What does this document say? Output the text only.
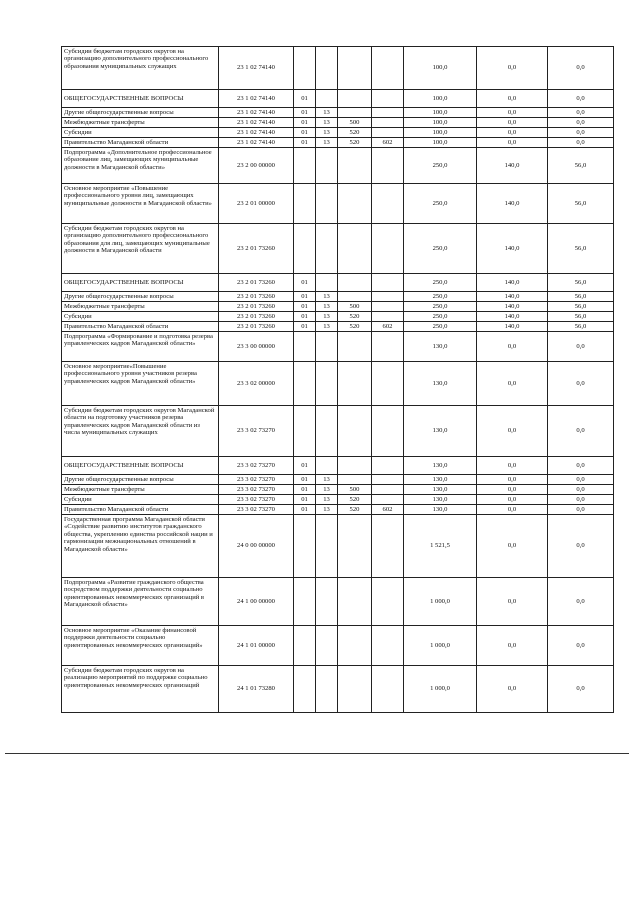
Субсидии бюджетам городских округов на организацию дополнительного профессионального образования муниципальных служащих	23 1 02 74140					100,0	0,0	0,0
ОБЩЕГОСУДАРСТВЕННЫЕ ВОПРОСЫ	23 1 02 74140	01				100,0	0,0	0,0
Другие общегосударственные вопросы	23 1 02 74140	01	13			100,0	0,0	0,0
Межбюджетные трансферты	23 1 02 74140	01	13	500		100,0	0,0	0,0
Субсидии	23 1 02 74140	01	13	520		100,0	0,0	0,0
Правительство Магаданской области	23 1 02 74140	01	13	520	602	100,0	0,0	0,0
Подпрограмма «Дополнительное профессиональное образование лиц, замещающих муниципальные должности в Магаданской области»	23 2 00 00000					250,0	140,0	56,0
Основное мероприятие «Повышение профессионального уровня лиц, замещающих муниципальные должности в Магаданской области»	23 2 01 00000					250,0	140,0	56,0
Субсидии бюджетам городских округов на организацию дополнительного профессионального образования для лиц, замещающих муниципальные должности в Магаданской области	23 2 01 73260					250,0	140,0	56,0
ОБЩЕГОСУДАРСТВЕННЫЕ ВОПРОСЫ	23 2 01 73260	01				250,0	140,0	56,0
Другие общегосударственные вопросы	23 2 01 73260	01	13			250,0	140,0	56,0
Межбюджетные трансферты	23 2 01 73260	01	13	500		250,0	140,0	56,0
Субсидии	23 2 01 73260	01	13	520		250,0	140,0	56,0
Правительство Магаданской области	23 2 01 73260	01	13	520	602	250,0	140,0	56,0
Подпрограмма «Формирование и подготовка резерва управленческих кадров Магаданской области»	23 3 00 00000					130,0	0,0	0,0
Основное мероприятие«Повышение профессионального уровня участников резерва управленческих кадров Магаданской области»	23 3 02 00000					130,0	0,0	0,0
Субсидии бюджетам городских округов Магаданской области на подготовку участников резерва управленческих кадров Магаданской области из числа муниципальных служащих	23 3 02 73270					130,0	0,0	0,0
ОБЩЕГОСУДАРСТВЕННЫЕ ВОПРОСЫ	23 3 02 73270	01				130,0	0,0	0,0
Другие общегосударственные вопросы	23 3 02 73270	01	13			130,0	0,0	0,0
Межбюджетные трансферты	23 3 02 73270	01	13	500		130,0	0,0	0,0
Субсидии	23 3 02 73270	01	13	520		130,0	0,0	0,0
Правительство Магаданской области	23 3 02 73270	01	13	520	602	130,0	0,0	0,0
Государственная программа Магаданской области «Содействие развитию институтов гражданского общества, укреплению единства российской нации и гармонизации межнациональных отношений в Магаданской области»	24 0 00 00000					1 521,5	0,0	0,0
Подпрограмма «Развитие гражданского общества посредством поддержки деятельности социально ориентированных некоммерческих организаций в Магаданской области»	24 1 00 00000					1 000,0	0,0	0,0
Основное мероприятие «Оказание финансовой поддержки деятельности социально ориентированных некоммерческих организаций»	24 1 01 00000					1 000,0	0,0	0,0
Субсидии бюджетам городских округов на реализацию мероприятий по поддержке социально ориентированных некоммерческих организаций	24 1 01 73280					1 000,0	0,0	0,0
